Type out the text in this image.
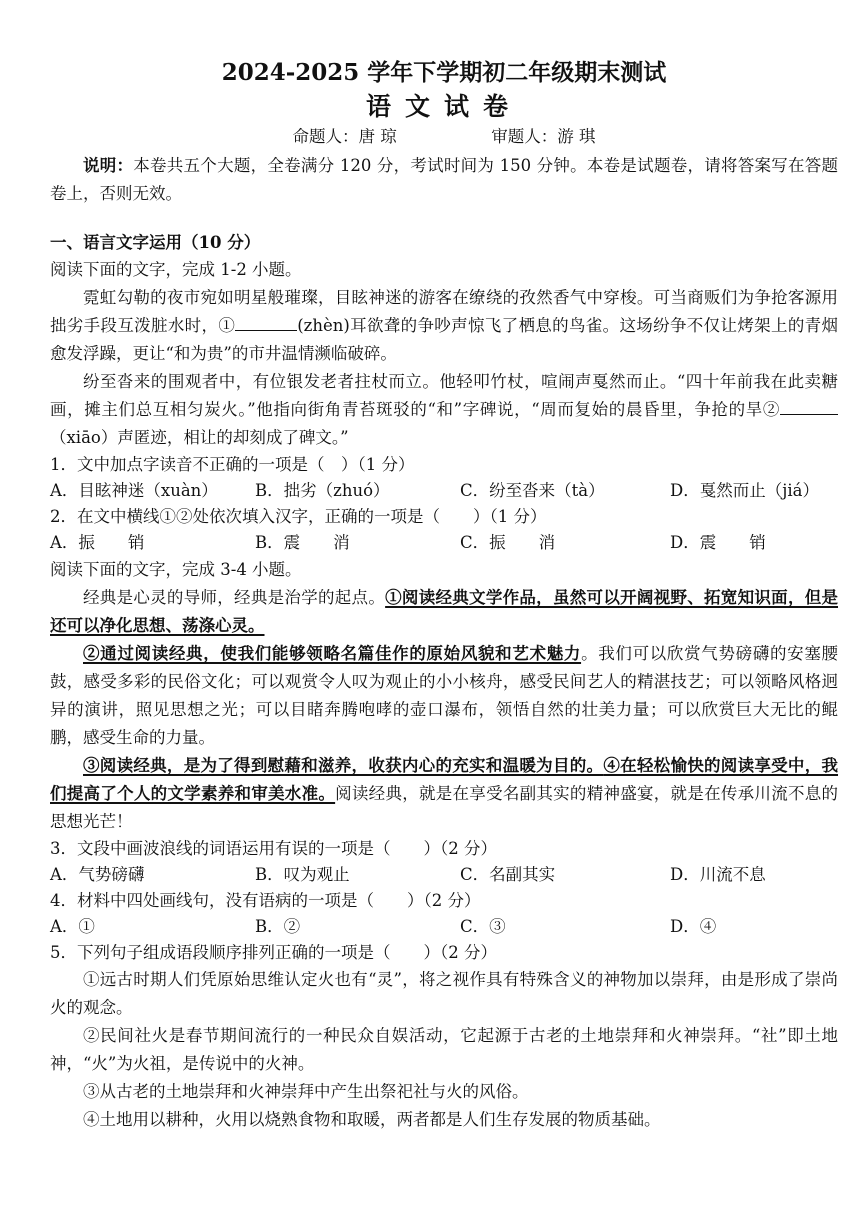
2024-2025 学年下学期初二年级期末测试
语文试卷
命题人：唐 琼	审题人：游 琪

说明：本卷共五个大题，全卷满分 120 分，考试时间为 150 分钟。本卷是试题卷，请将答案写在答题卷上，否则无效。

一、语言文字运用（10 分）

阅读下面的文字，完成 1-2 小题。

霓虹勾勒的夜市宛如明星般璀璨，目眩神迷的游客在缭绕的孜然香气中穿梭。可当商贩们为争抢客源用拙劣手段互泼脏水时，①	(zhèn)耳欲聋的争吵声惊飞了栖息的鸟雀。这场纷争不仅让烤架上的青烟愈发浮躁，更让“和为贵”的市井温情濒临破碎。

纷至沓来的围观者中，有位银发老者拄杖而立。他轻叩竹杖，喧闹声戛然而止。“四十年前我在此卖糖画，摊主们总互相匀炭火。”他指向街角青苔斑驳的“和”字碑说，“周而复始的晨昏里，争抢的旱②（xiāo）声匿迹，相让的却刻成了碑文。”

1．文中加点字读音不正确的一项是（　）（1 分）
A．目眩神迷（xuàn）	B．拙劣（zhuó）	C．纷至沓来（tà）	D．戛然而止（jiá）
2．在文中横线①②处依次填入汉字，正确的一项是（　　）（1 分）
A．振　　销	B．震　　消	C．振　　消	D．震　　销

阅读下面的文字，完成 3-4 小题。

经典是心灵的导师，经典是治学的起点。①阅读经典文学作品，虽然可以开阔视野、拓宽知识面，但是还可以净化思想、荡涤心灵。

②通过阅读经典，使我们能够领略名篇佳作的原始风貌和艺术魅力。我们可以欣赏气势磅礴的安塞腰鼓，感受多彩的民俗文化；可以观赏令人叹为观止的小小核舟，感受民间艺人的精湛技艺；可以领略风格迥异的演讲，照见思想之光；可以目睹奔腾咆哮的壶口瀑布，领悟自然的壮美力量；可以欣赏巨大无比的鲲鹏，感受生命的力量。

③阅读经典，是为了得到慰藉和滋养，收获内心的充实和温暖为目的。④在轻松愉快的阅读享受中，我们提高了个人的文学素养和审美水准。阅读经典，就是在享受名副其实的精神盛宴，就是在传承川流不息的思想光芒！

3．文段中画波浪线的词语运用有误的一项是（　　）（2 分）
A．气势磅礴	B．叹为观止	C．名副其实	D．川流不息
4．材料中四处画线句，没有语病的一项是（　　）（2 分）
A．①	B．②	C．③	D．④
5．下列句子组成语段顺序排列正确的一项是（　　）（2 分）

①远古时期人们凭原始思维认定火也有“灵”，将之视作具有特殊含义的神物加以崇拜，由是形成了崇尚火的观念。

②民间社火是春节期间流行的一种民众自娱活动，它起源于古老的土地崇拜和火神崇拜。“社”即土地神，“火”为火祖，是传说中的火神。

③从古老的土地崇拜和火神崇拜中产生出祭祀社与火的风俗。

④土地用以耕种，火用以烧熟食物和取暖，两者都是人们生存发展的物质基础。
